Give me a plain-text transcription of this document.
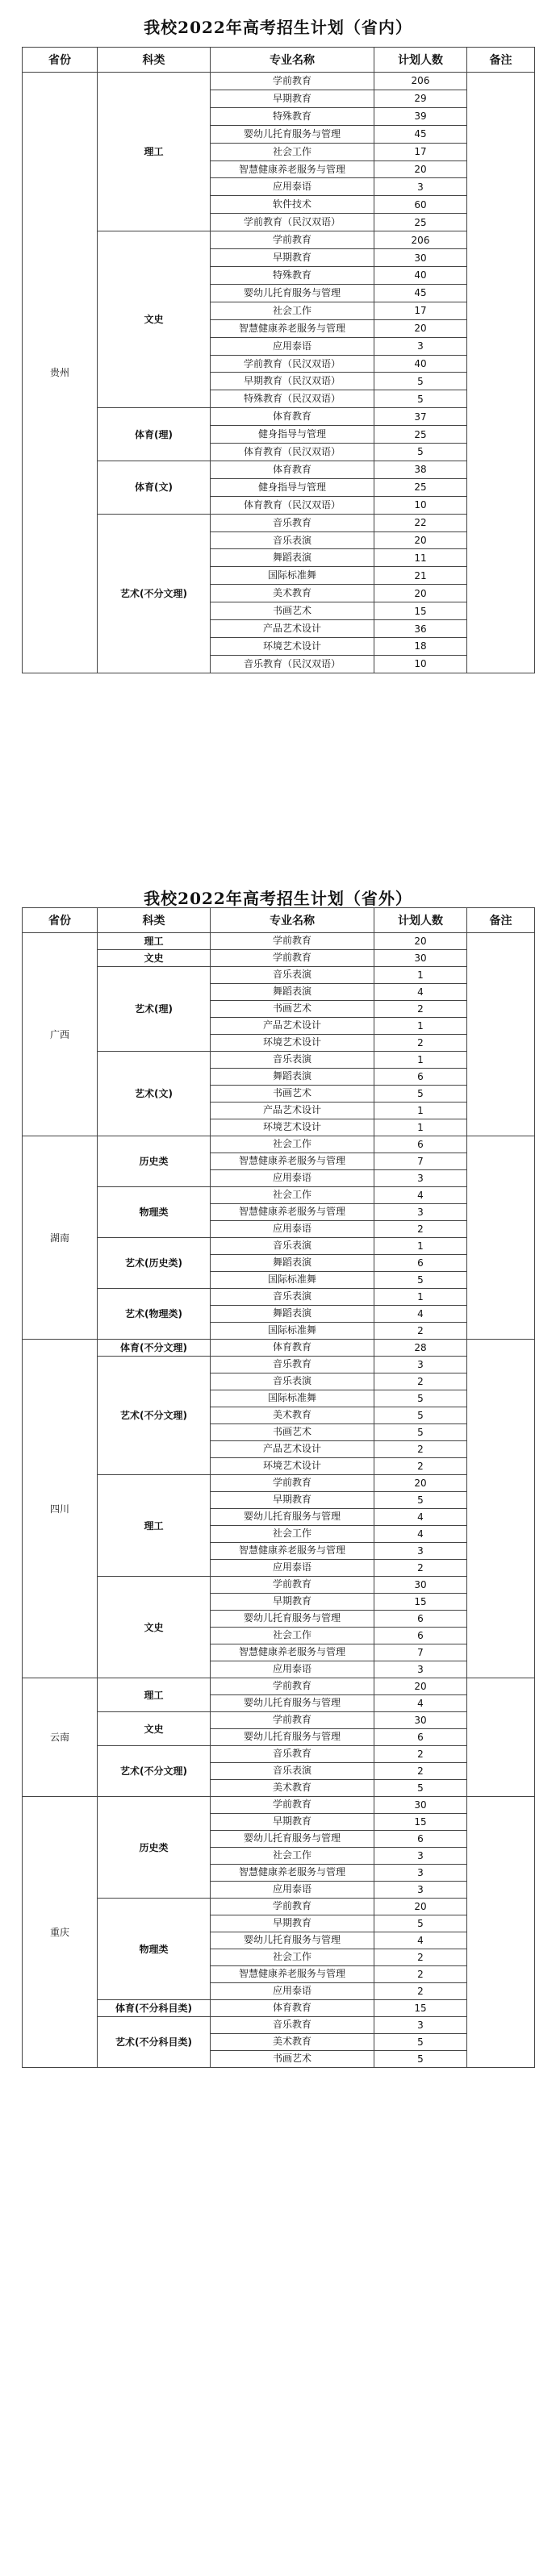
我校2022年高考招生计划（省内）
省份	科类	专业名称	计划人数	备注
贵州	理工	学前教育	206	
		早期教育	29	
		特殊教育	39	
		婴幼儿托育服务与管理	45	
		社会工作	17	
		智慧健康养老服务与管理	20	
		应用泰语	3	
		软件技术	60	
		学前教育（民汉双语）	25	
	文史	学前教育	206	
		早期教育	30	
		特殊教育	40	
		婴幼儿托育服务与管理	45	
		社会工作	17	
		智慧健康养老服务与管理	20	
		应用泰语	3	
		学前教育（民汉双语）	40	
		早期教育（民汉双语）	5	
		特殊教育（民汉双语）	5	
	体育(理)	体育教育	37	
		健身指导与管理	25	
		体育教育（民汉双语）	5	
	体育(文)	体育教育	38	
		健身指导与管理	25	
		体育教育（民汉双语）	10	
	艺术(不分文理)	音乐教育	22	
		音乐表演	20	
		舞蹈表演	11	
		国际标准舞	21	
		美术教育	20	
		书画艺术	15	
		产品艺术设计	36	
		环境艺术设计	18	
		音乐教育（民汉双语）	10	
我校2022年高考招生计划（省外）
省份	科类	专业名称	计划人数	备注
广西	理工	学前教育	20	
	文史	学前教育	30	
	艺术(理)	音乐表演	1	
		舞蹈表演	4	
		书画艺术	2	
		产品艺术设计	1	
		环境艺术设计	2	
	艺术(文)	音乐表演	1	
		舞蹈表演	6	
		书画艺术	5	
		产品艺术设计	1	
		环境艺术设计	1	
湖南	历史类	社会工作	6	
		智慧健康养老服务与管理	7	
		应用泰语	3	
	物理类	社会工作	4	
		智慧健康养老服务与管理	3	
		应用泰语	2	
	艺术(历史类)	音乐表演	1	
		舞蹈表演	6	
		国际标准舞	5	
	艺术(物理类)	音乐表演	1	
		舞蹈表演	4	
		国际标准舞	2	
四川	体育(不分文理)	体育教育	28	
	艺术(不分文理)	音乐教育	3	
		音乐表演	2	
		国际标准舞	5	
		美术教育	5	
		书画艺术	5	
		产品艺术设计	2	
		环境艺术设计	2	
	理工	学前教育	20	
		早期教育	5	
		婴幼儿托育服务与管理	4	
		社会工作	4	
		智慧健康养老服务与管理	3	
		应用泰语	2	
	文史	学前教育	30	
		早期教育	15	
		婴幼儿托育服务与管理	6	
		社会工作	6	
		智慧健康养老服务与管理	7	
		应用泰语	3	
云南	理工	学前教育	20	
		婴幼儿托育服务与管理	4	
	文史	学前教育	30	
		婴幼儿托育服务与管理	6	
	艺术(不分文理)	音乐教育	2	
		音乐表演	2	
		美术教育	5	
重庆	历史类	学前教育	30	
		早期教育	15	
		婴幼儿托育服务与管理	6	
		社会工作	3	
		智慧健康养老服务与管理	3	
		应用泰语	3	
	物理类	学前教育	20	
		早期教育	5	
		婴幼儿托育服务与管理	4	
		社会工作	2	
		智慧健康养老服务与管理	2	
		应用泰语	2	
	体育(不分科目类)	体育教育	15	
	艺术(不分科目类)	音乐教育	3	
		美术教育	5	
		书画艺术	5	
